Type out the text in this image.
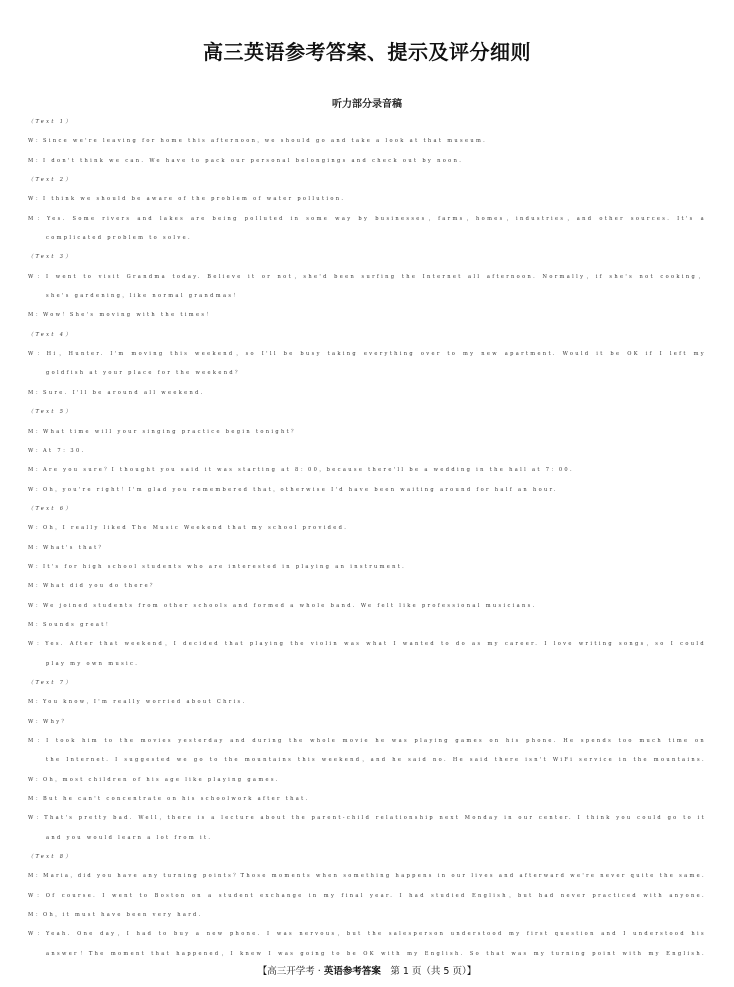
高三英语参考答案、提示及评分细则
听力部分录音稿
（Text 1）
W：Since we're leaving for home this afternoon，we should go and take a look at that museum.
M：I don't think we can. We have to pack our personal belongings and check out by noon.
（Text 2）
W：I think we should be aware of the problem of water pollution.
M：Yes. Some rivers and lakes are being polluted in some way by businesses，farms，homes，industries，and other sources. It's a
complicated problem to solve.
（Text 3）
W：I went to visit Grandma today. Believe it or not，she'd been surfing the Internet all afternoon. Normally，if she's not cooking，
she's gardening，like normal grandmas！
M：Wow！She's moving with the times！
（Text 4）
W：Hi，Hunter. I'm moving this weekend，so I'll be busy taking everything over to my new apartment. Would it be OK if I left my
goldfish at your place for the weekend？
M：Sure. I'll be around all weekend.
（Text 5）
M：What time will your singing practice begin tonight？
W：At 7：30.
M：Are you sure？I thought you said it was starting at 8：00，because there'll be a wedding in the hall at 7：00.
W：Oh，you're right！I'm glad you remembered that，otherwise I'd have been waiting around for half an hour.
（Text 6）
W：Oh，I really liked The Music Weekend that my school provided.
M：What's that？
W：It's for high school students who are interested in playing an instrument.
M：What did you do there？
W：We joined students from other schools and formed a whole band. We felt like professional musicians.
M：Sounds great！
W：Yes. After that weekend，I decided that playing the violin was what I wanted to do as my career. I love writing songs，so I could
play my own music.
（Text 7）
M：You know，I'm really worried about Chris.
W：Why？
M：I took him to the movies yesterday and during the whole movie he was playing games on his phone. He spends too much time on
the Internet. I suggested we go to the mountains this weekend，and he said no. He said there isn't WiFi service in the mountains.
W：Oh，most children of his age like playing games.
M：But he can't concentrate on his schoolwork after that.
W：That's pretty bad. Well，there is a lecture about the parent-child relationship next Monday in our center. I think you could go to it
and you would learn a lot from it.
（Text 8）
M：Maria，did you have any turning points？Those moments when something happens in our lives and afterward we're never quite the same.
W：Of course. I went to Boston on a student exchange in my final year. I had studied English，but had never practiced with anyone.
M：Oh，it must have been very hard.
W：Yeah. One day，I had to buy a new phone. I was nervous，but the salesperson understood my first question and I understood his
answer！The moment that happened，I knew I was going to be OK with my English. So that was my turning point with my English.
【高三开学考 · 英语参考答案　第 1 页（共 5 页）】
